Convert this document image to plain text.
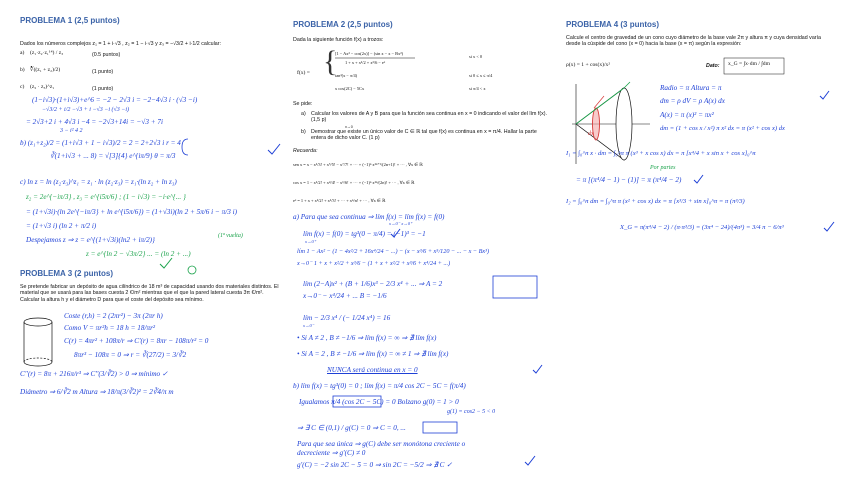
PROBLEMA 1 (2,5 puntos)
Dados los números complejos z₁ = 1 + i·√3 , z₂ = 1 − i·√3 y z₃ = −√3/2 + i·1/2 calcular:
a) (z₁·z₂·z₁¹⁴) / z₃	(0.5 puntos)
b) ∛((z₁ + z₂)/2)	(1 punto)
c) (z₂ · z₃)^z₁	(1 punto)
(1−i√3)·(1+i√3)+e^6 = −2 − 2√3 i = −2−4√3 i · (√3 −i)
−√3/2 + i/2 −√3 + i −√3 −i (√3 −i)
= 2√3+2 i + 4√3 i −4 = −2√3+14i = −√3 + 7i
3 − i² 4 2
b) (z₁+z₂)/2 = (1+i√3 + 1 − i√3)/2 = 2 = 2+2√3 i r = 4
∛(1+i√3 + ... 8) = √[3]{4} e^{iπ/9} θ = π/3
c) ln z = ln (z₂·z₃)^z₁ = z₁ · ln (z₂·z₃) = z₁·(ln z₂ + ln z₃)
z₂ = 2e^{−iπ/3} , z₃ = e^{i5π/6} ; (1 − i√3) = −i·e^{... }
= (1+√3i)·(ln 2e^{−iπ/3} + ln e^{i5π/6}) = (1+√3i)(ln 2 + 5π/6 i − π/3 i)
= (1+√3 i) (ln 2 + π/2 i)
Despejamos z ⇒ z = e^{(1+√3i)(ln2 + iπ/2)}
z = e^{ln 2 − √3π/2} ... = (ln 2 + ...)
(1ª vuelta)
PROBLEMA 3 (2 puntos)
Se pretende fabricar un depósito de agua cilíndrico de 18 m³ de capacidad usando dos materiales distintos. El material que se usará para las bases cuesta 2 €/m² mientras que el que la pared lateral cuesta 3π €/m². Calcular la altura h y el diámetro D para que el coste del depósito sea mínimo.
Coste (r,h) = 2 (2πr²) − 3π (2πr h)
Como V = πr²h = 18 h = 18/πr²
C(r) = 4πr² + 108π/r ⇒ C'(r) = 8πr − 108π/r² = 0
8πr³ − 108π = 0 ⇒ r = ∛(27/2) = 3/∛2
C''(r) = 8π + 216π/r³ ⇒ C''(3/∛2) > 0 ⇒ mínimo ✓
Diámetro ⇒ 6/∛2 m Altura ⇒ 18/π(3/∛2)² = 2∛4/π m
PROBLEMA 2 (2,5 puntos)
Dada la siguiente función f(x) a trozos:
f(x) = {
[1 − Ax² − cos(2x)] − (sin x − x − Bx³)
1 + x + x²/2 + x³/6 − eˣ
si x < 0
tan³(x − π/4)	si 0 ≤ x ≤ π/4
x cos(2C) − 5Cx	si π/4 < x
Se pide:
a) Calcular los valores de A y B para que la función sea continua en x = 0 indicando el valor del lím f(x). (1,5 p)
x→0
b) Demostrar que existe un único valor de C ∈ ℝ tal que f(x) es continua en x = π/4. Hallar la parte entera de dicho valor C. (1 p)
Recuerda:
sen x = x − x³/3! + x⁵/5! − x⁷/7! + ··· + (−1)ⁿ x²ⁿ⁺¹/(2n+1)! + ··· , ∀x ∈ ℝ
cos x = 1 − x²/2! + x⁴/4! − x⁶/6! + ··· + (−1)ⁿ x²ⁿ/(2n)! + ··· , ∀x ∈ ℝ
eˣ = 1 + x + x²/2! + x³/3! + ··· + xⁿ/n! + ··· , ∀x ∈ ℝ
a) Para que sea continua ⇒ lím f(x) = lím f(x) = f(0)
x→0⁻ x→0⁺
lím f(x) = f(0) = tg³(0 − π/4) = (−1)³ = −1
x→0⁺
lím 1 − Ax² − (1 − 4x²/2 + 16x⁴/24 − ...) − (x − x³/6 + x⁵/120 − ... − x − Bx³)
x→0⁻ 1 + x + x²/2 + x³/6 − (1 + x + x²/2 + x³/6 + x⁴/24 + ...)
lím (2−A)x² + (B + 1/6)x³ − 2/3 x⁴ + ... ⇒ A = 2
x→0⁻ − x⁴/24 + ... B = −1/6
lím − 2/3 x⁴ / (− 1/24 x⁴) = 16
x→0⁻
• Si A ≠ 2 , B ≠ −1/6 ⇒ lím f(x) = ∞ ⇒ ∄ lím f(x)
• Si A = 2 , B ≠ −1/6 ⇒ lím f(x) = ∞ ≠ 1 ⇒ ∄ lím f(x)
NUNCA será continua en x = 0
b) lím f(x) = tg³(0) = 0 ; lím f(x) = π/4 cos 2C − 5C = f(π/4)
Igualamos π/4 (cos 2C − 5C) = 0 Bolzano g(0) = 1 > 0
g(1) = cos2 − 5 < 0
⇒ ∃ C ∈ (0,1) / g(C) = 0 ⇒ C = 0, ...
Para que sea única ⇒ g(C) debe ser monótona creciente o
decreciente ⇒ g'(C) ≠ 0
g'(C) = −2 sin 2C − 5 = 0 ⇒ sin 2C = −5/2 ⇒ ∄ C ✓
PROBLEMA 4 (3 puntos)
Calcule el centro de gravedad de un cono cuyo diámetro de la base vale 2π y altura π y cuya densidad varía desde la cúspide del cono (x = 0) hacia la base (x = π) según la expresión:
ρ(x) = 1 + cos(x)/x²	Dato: x_G = ∫x·dm / ∫dm
dx
Radio = π Altura = π
dm = ρ dV = ρ A(x) dx
A(x) = π (x)² = πx²
dm = (1 + cos x / x²) π x² dx = π (x² + cos x) dx
I₁ = ∫₀^π x · dm = ∫₀^π π (x³ + x cos x) dx = π [x⁴/4 + x sin x + cos x]₀^π
Por partes
= π [(π⁴/4 − 1) − (1)] = π (π⁴/4 − 2)
I₂ = ∫₀^π dm = ∫₀^π π (x² + cos x) dx = π [x³/3 + sin x]₀^π = π (π³/3)
X_G = π(π⁴/4 − 2) / (π·π³/3) = (3π⁴ − 24)/(4π³) = 3/4 π − 6/π³
